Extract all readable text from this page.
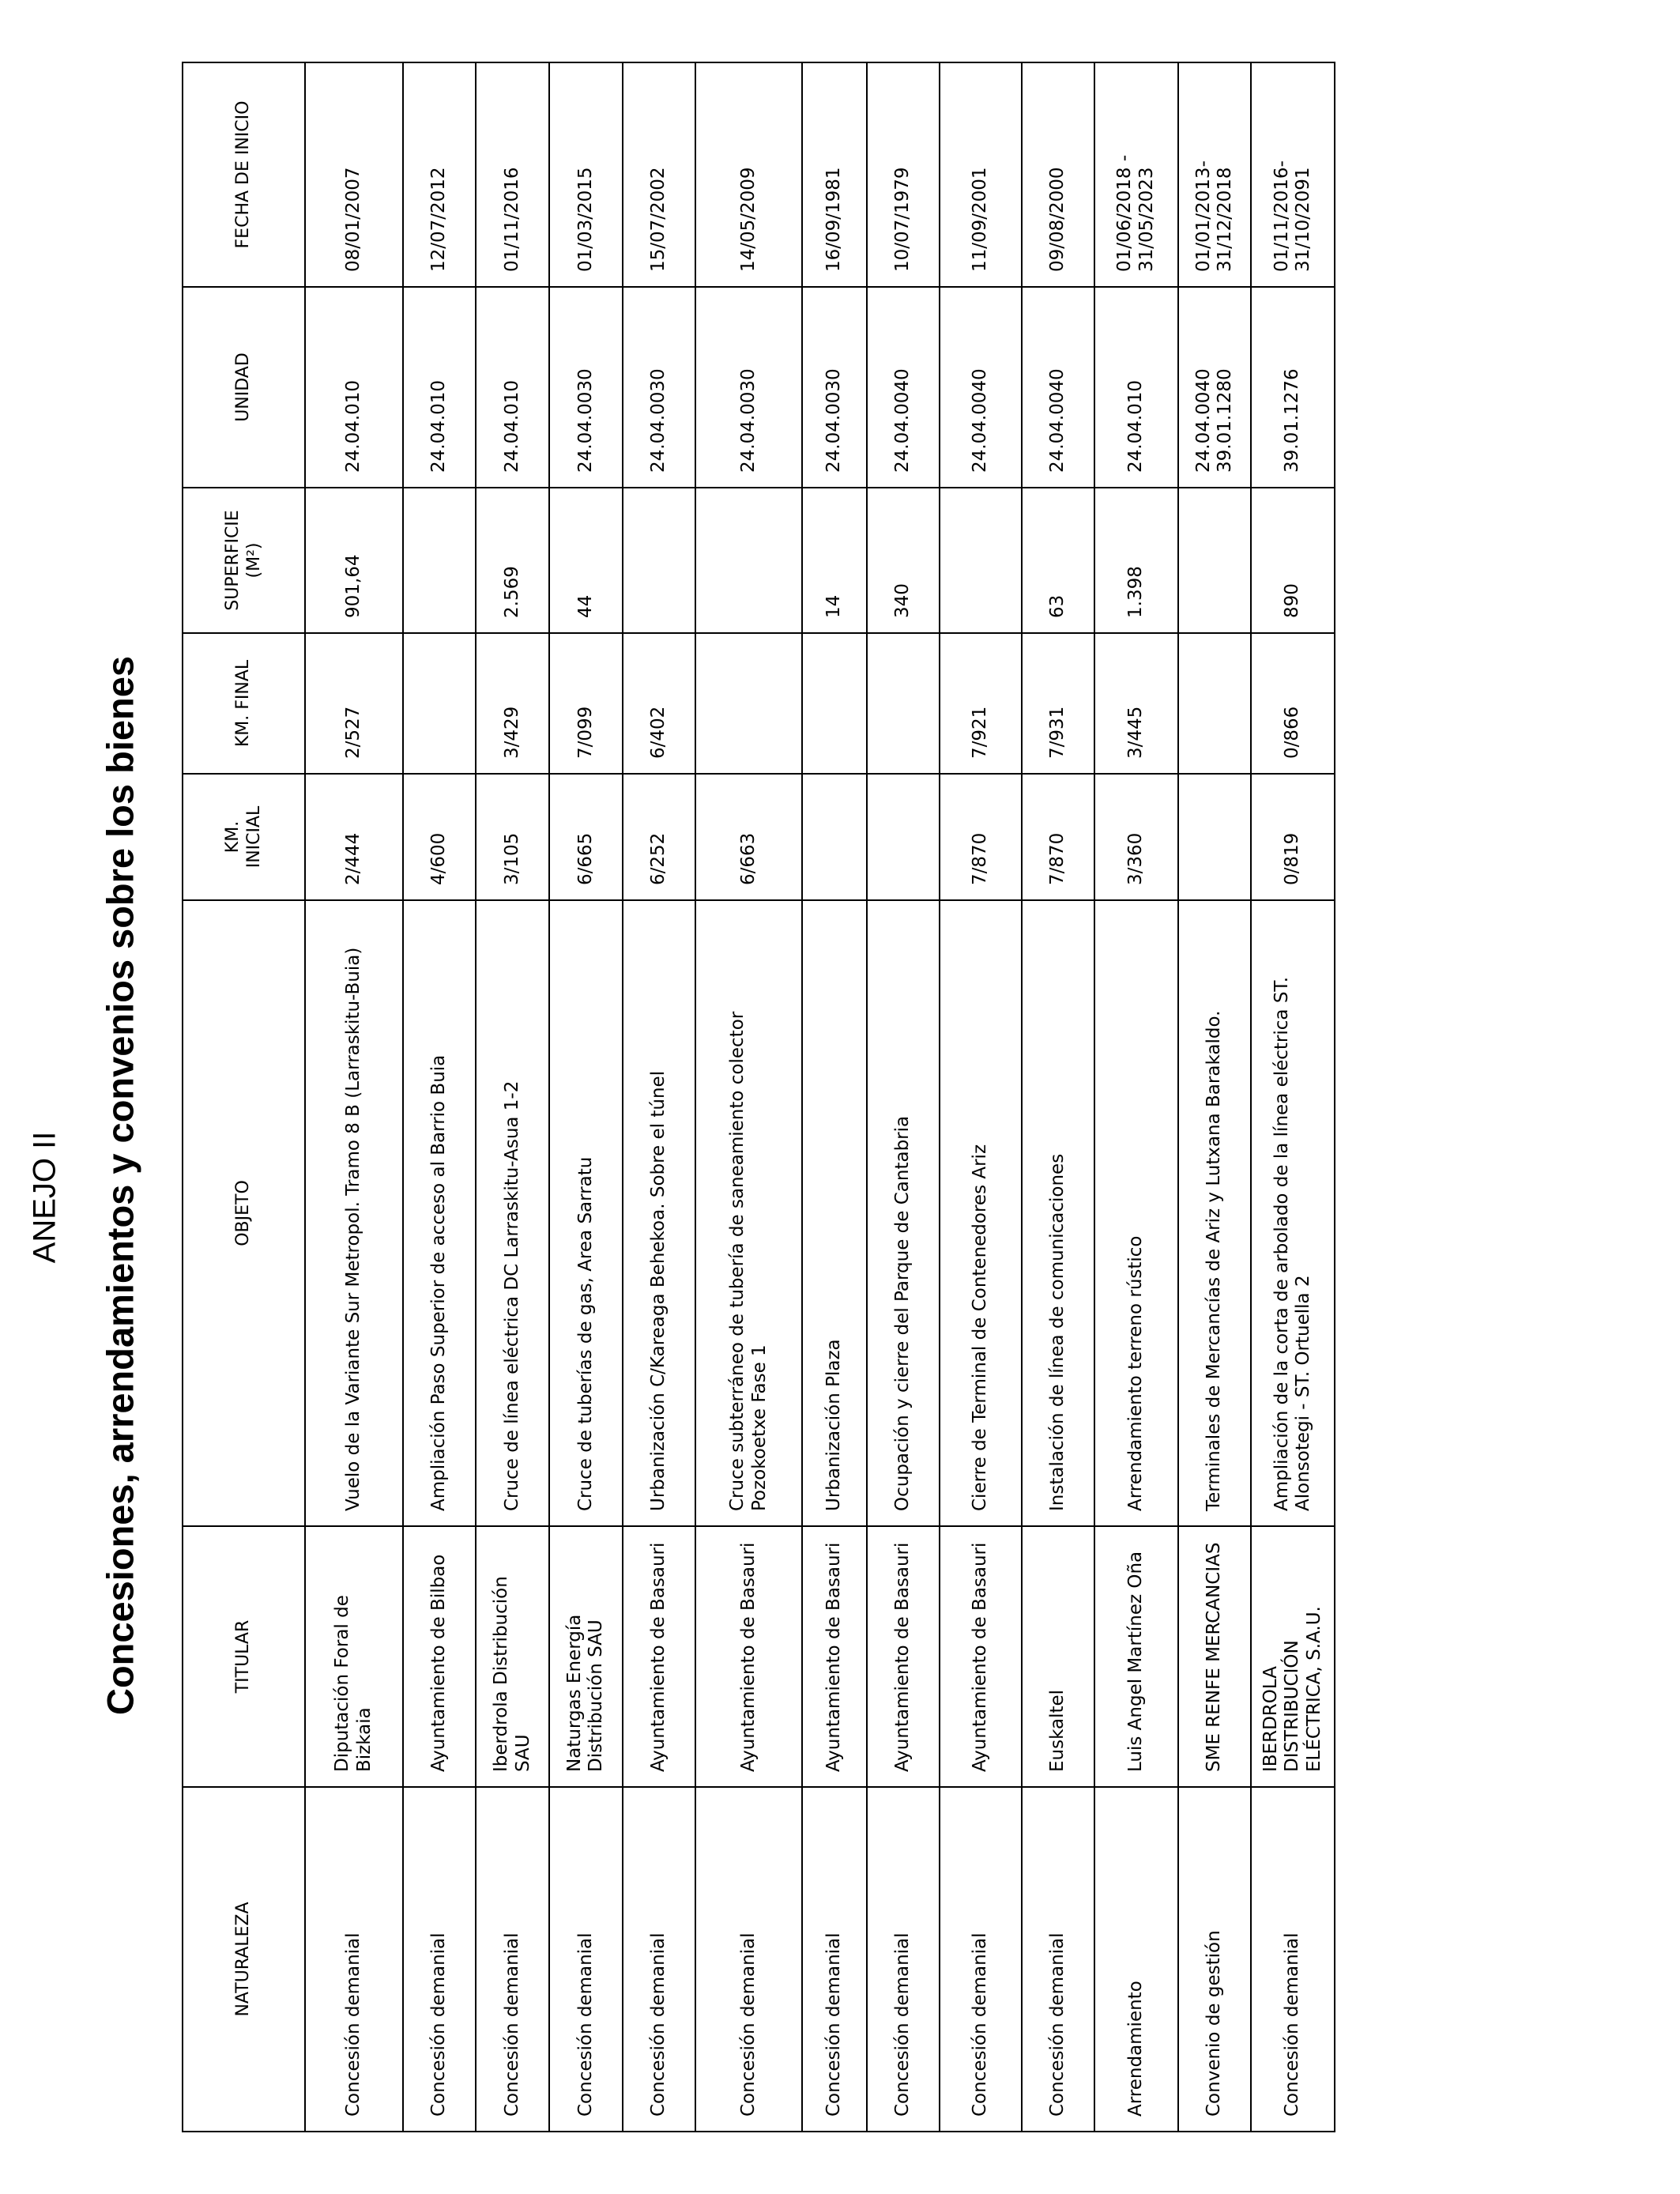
ANEJO II Concesiones, arrendamientos y convenios sobre los bienes
NATURALEZA	TITULAR	OBJETO	KM. INICIAL	KM. FINAL	SUPERFICIE (M²)	UNIDAD	FECHA DE INICIO
Concesión demanial	Diputación Foral de Bizkaia	Vuelo de la Variante Sur Metropol. Tramo 8 B (Larraskitu-Buia)	2/444	2/527	901,64	24.04.010	08/01/2007
Concesión demanial	Ayuntamiento de Bilbao	Ampliación Paso Superior de acceso al Barrio Buia	4/600			24.04.010	12/07/2012
Concesión demanial	Iberdrola Distribución SAU	Cruce de línea eléctrica DC Larraskitu-Asua 1-2	3/105	3/429	2.569	24.04.010	01/11/2016
Concesión demanial	Naturgas Energía Distribución SAU	Cruce de tuberías de gas, Area Sarratu	6/665	7/099	44	24.04.0030	01/03/2015
Concesión demanial	Ayuntamiento de Basauri	Urbanización C/Kareaga Behekoa. Sobre el túnel	6/252	6/402		24.04.0030	15/07/2002
Concesión demanial	Ayuntamiento de Basauri	Cruce subterráneo de tubería de saneamiento colector Pozokoetxe Fase 1	6/663			24.04.0030	14/05/2009
Concesión demanial	Ayuntamiento de Basauri	Urbanización Plaza			14	24.04.0030	16/09/1981
Concesión demanial	Ayuntamiento de Basauri	Ocupación y cierre del Parque de Cantabria			340	24.04.0040	10/07/1979
Concesión demanial	Ayuntamiento de Basauri	Cierre de Terminal de Contenedores Ariz	7/870	7/921		24.04.0040	11/09/2001
Concesión demanial	Euskaltel	Instalación de línea de comunicaciones	7/870	7/931	63	24.04.0040	09/08/2000
Arrendamiento	Luis Angel Martínez Oña	Arrendamiento terreno rústico	3/360	3/445	1.398	24.04.010	01/06/2018 - 31/05/2023
Convenio de gestión	SME RENFE MERCANCIAS	Terminales de Mercancías de Ariz y Lutxana Barakaldo.				24.04.0040 39.01.1280	01/01/2013-31/12/2018
Concesión demanial	IBERDROLA DISTRIBUCIÓN ELÉCTRICA, S.A.U.	Ampliación de la corta de arbolado de la línea eléctrica ST. Alonsotegi - ST. Ortuella 2	0/819	0/866	890	39.01.1276	01/11/2016-31/10/2091
